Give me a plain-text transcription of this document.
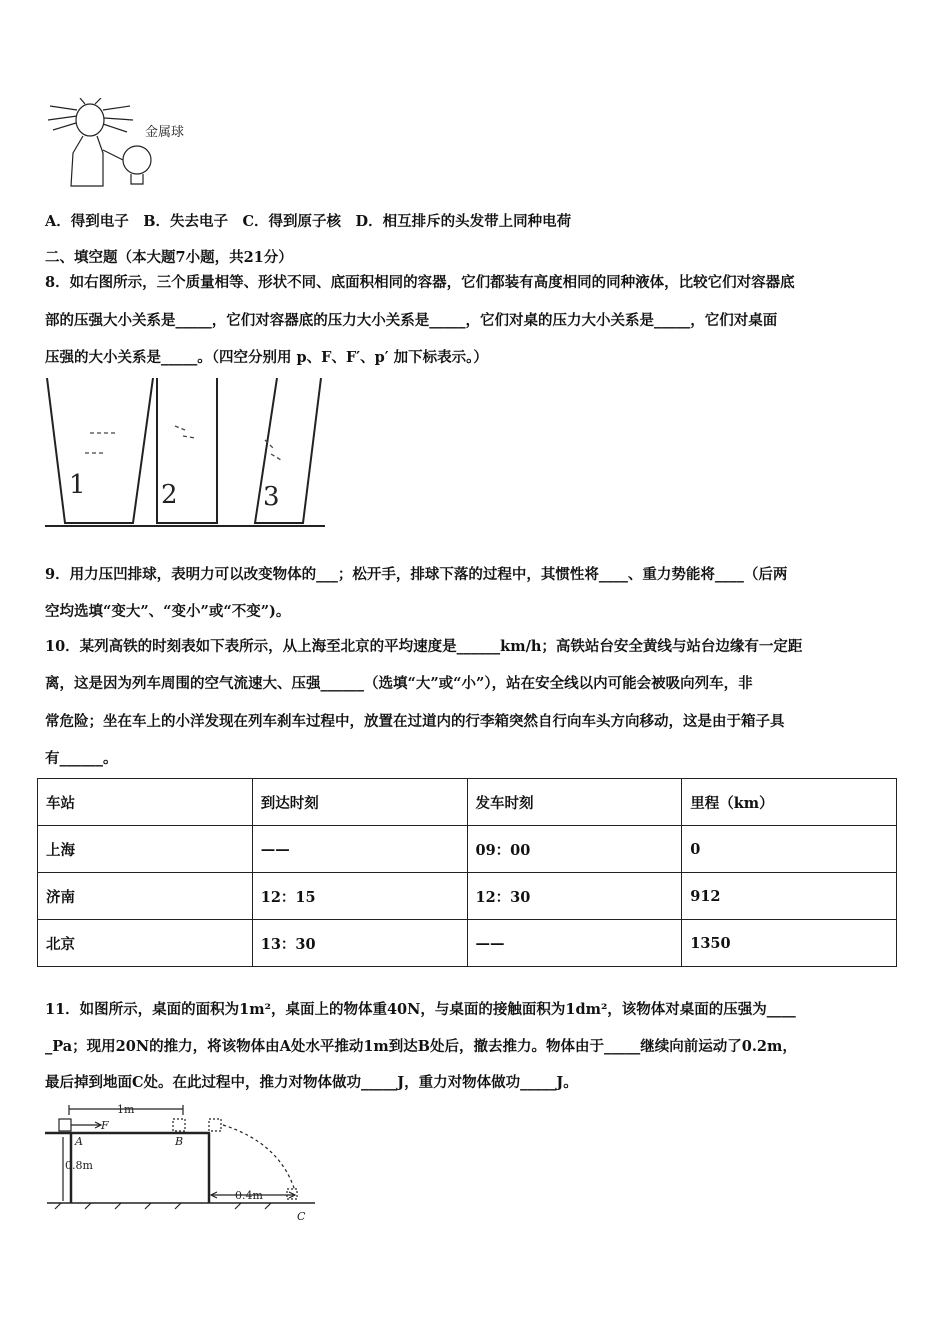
金属球
A．得到电子　B．失去电子　C．得到原子核　D．相互排斥的头发带上同种电荷
二、填空题（本大题7小题，共21分）
8．如右图所示，三个质量相等、形状不同、底面积相同的容器，它们都装有高度相同的同种液体，比较它们对容器底
部的压强大小关系是_____，它们对容器底的压力大小关系是_____，它们对桌的压力大小关系是_____，它们对桌面
压强的大小关系是_____。（四空分别用 p、F、F′、p′ 加下标表示。）
1	2	3
9．用力压凹排球，表明力可以改变物体的___；松开手，排球下落的过程中，其惯性将____、重力势能将____（后两
空均选填“变大”、“变小”或“不变”)。
10．某列高铁的时刻表如下表所示，从上海至北京的平均速度是______km/h；高铁站台安全黄线与站台边缘有一定距
离，这是因为列车周围的空气流速大、压强______（选填“大”或“小”），站在安全线以内可能会被吸向列车，非
常危险；坐在车上的小洋发现在列车刹车过程中，放置在过道内的行李箱突然自行向车头方向移动，这是由于箱子具
有______。
车站	到达时刻	发车时刻	里程（km）
上海	——	09：00	0
济南	12：15	12：30	912
北京	13：30	——	1350
11．如图所示，桌面的面积为1m²，桌面上的物体重40N，与桌面的接触面积为1dm²，该物体对桌面的压强为____
_Pa；现用20N的推力，将该物体由A处水平推动1m到达B处后，撤去推力。物体由于_____继续向前运动了0.2m，
最后掉到地面C处。在此过程中，推力对物体做功_____J，重力对物体做功_____J。
1m
F
A	B
0.8m
0.4m
C
